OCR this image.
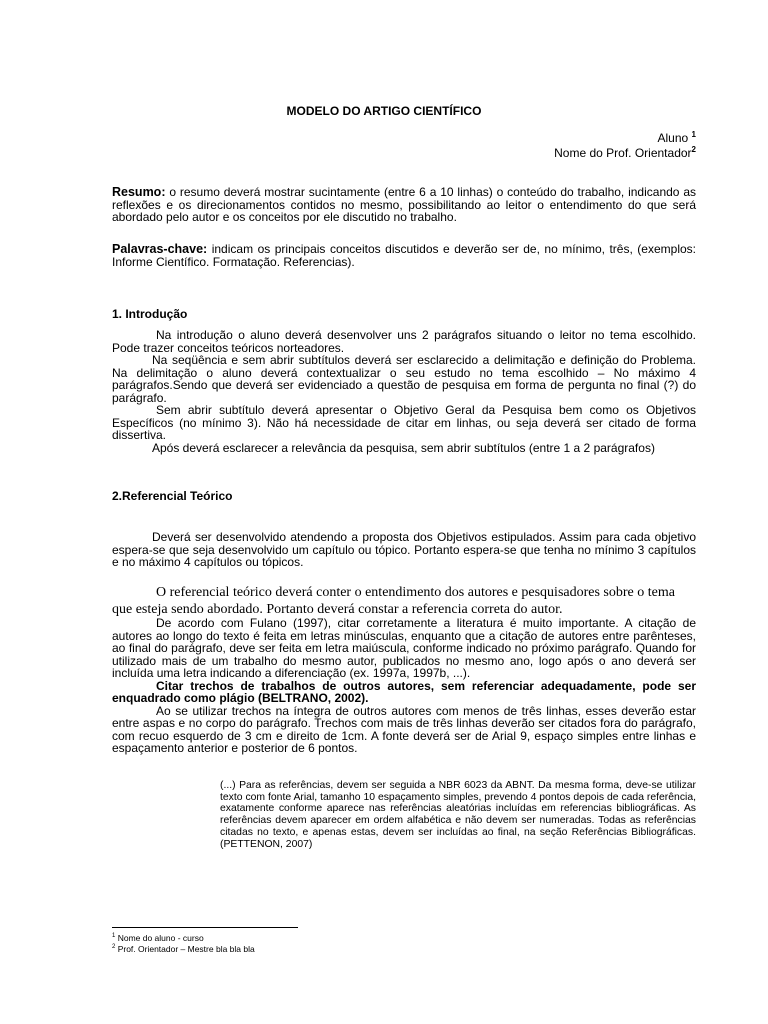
MODELO DO ARTIGO CIENTÍFICO
Aluno $^1$
Nome do Prof. Orientador$^2$
Resumo: o resumo deverá mostrar sucintamente (entre 6 a 10 linhas) o conteúdo do trabalho, indicando as reflexões e os direcionamentos contidos no mesmo, possibilitando ao leitor o entendimento do que será abordado pelo autor e os conceitos por ele discutido no trabalho.
Palavras-chave: indicam os principais conceitos discutidos e deverão ser de, no mínimo, três, (exemplos: Informe Científico. Formatação. Referencias).
1. Introdução

Na introdução o aluno deverá desenvolver uns 2 parágrafos situando o leitor no tema escolhido. Pode trazer conceitos teóricos norteadores.

Na seqüência e sem abrir subtítulos deverá ser esclarecido a delimitação e definição do Problema. Na delimitação o aluno deverá contextualizar o seu estudo no tema escolhido – No máximo 4 parágrafos.Sendo que deverá ser evidenciado a questão de pesquisa em forma de pergunta no final (?) do parágrafo.

Sem abrir subtítulo deverá apresentar o Objetivo Geral da Pesquisa bem como os Objetivos Específicos (no mínimo 3). Não há necessidade de citar em linhas, ou seja deverá ser citado de forma dissertiva.

Após deverá esclarecer a relevância da pesquisa, sem abrir subtítulos (entre 1 a 2 parágrafos)

2.Referencial Teórico

Deverá ser desenvolvido atendendo a proposta dos Objetivos estipulados. Assim para cada objetivo espera-se que seja desenvolvido um capítulo ou tópico. Portanto espera-se que tenha no mínimo 3 capítulos e no máximo 4 capítulos ou tópicos.

O referencial teórico deverá conter o entendimento dos autores e pesquisadores sobre o tema que esteja sendo abordado. Portanto deverá constar a referencia correta do autor.

De acordo com Fulano (1997), citar corretamente a literatura é muito importante. A citação de autores ao longo do texto é feita em letras minúsculas, enquanto que a citação de autores entre parênteses, ao final do parágrafo, deve ser feita em letra maiúscula, conforme indicado no próximo parágrafo. Quando for utilizado mais de um trabalho do mesmo autor, publicados no mesmo ano, logo após o ano deverá ser incluída uma letra indicando a diferenciação (ex. 1997a, 1997b, ...).

Citar trechos de trabalhos de outros autores, sem referenciar adequadamente, pode ser enquadrado como plágio (BELTRANO, 2002).

Ao se utilizar trechos na íntegra de outros autores com menos de três linhas, esses deverão estar entre aspas e no corpo do parágrafo. Trechos com mais de três linhas deverão ser citados fora do parágrafo, com recuo esquerdo de 3 cm e direito de 1cm. A fonte deverá ser de Arial 9, espaço simples entre linhas e espaçamento anterior e posterior de 6 pontos.

(...) Para as referências, devem ser seguida a NBR 6023 da ABNT. Da mesma forma, deve-se utilizar texto com fonte Arial, tamanho 10 espaçamento simples, prevendo 4 pontos depois de cada referência, exatamente conforme aparece nas referências aleatórias incluídas em referencias bibliográficas. As referências devem aparecer em ordem alfabética e não devem ser numeradas. Todas as referências citadas no texto, e apenas estas, devem ser incluídas ao final, na seção Referências Bibliográficas. (PETTENON, 2007)
$^1$ Nome do aluno - curso
$^2$ Prof. Orientador – Mestre bla bla bla
